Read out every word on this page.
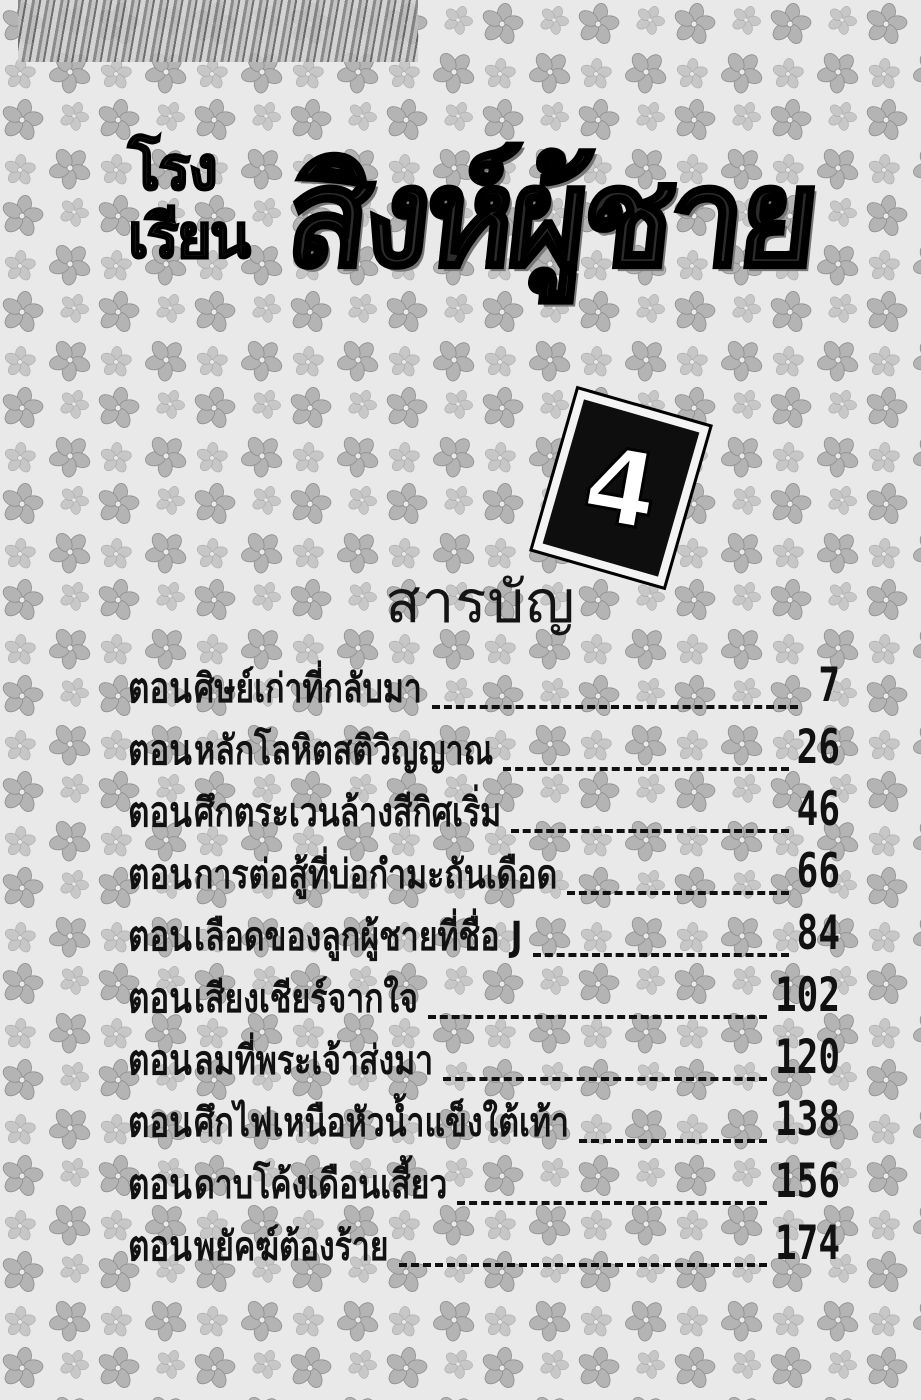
โรง
เรียน สิงห์ผู้ชาย
4
สารบัญ
ตอน ศิษย์เก่าที่กลับมา	7
ตอน หลักโลหิตสติวิญญาณ	26
ตอน ศึกตระเวนล้างสีกิศเริ่ม	46
ตอน การต่อสู้ที่บ่อกำมะถันเดือด	66
ตอน เลือดของลูกผู้ชายที่ชื่อ J	84
ตอน เสียงเชียร์จากใจ	102
ตอน ลมที่พระเจ้าส่งมา	120
ตอน ศึกไฟเหนือหัวน้ำแข็งใต้เท้า	138
ตอน ดาบโค้งเดือนเสี้ยว	156
ตอน พยัคฆ์ต้องร้าย	174
